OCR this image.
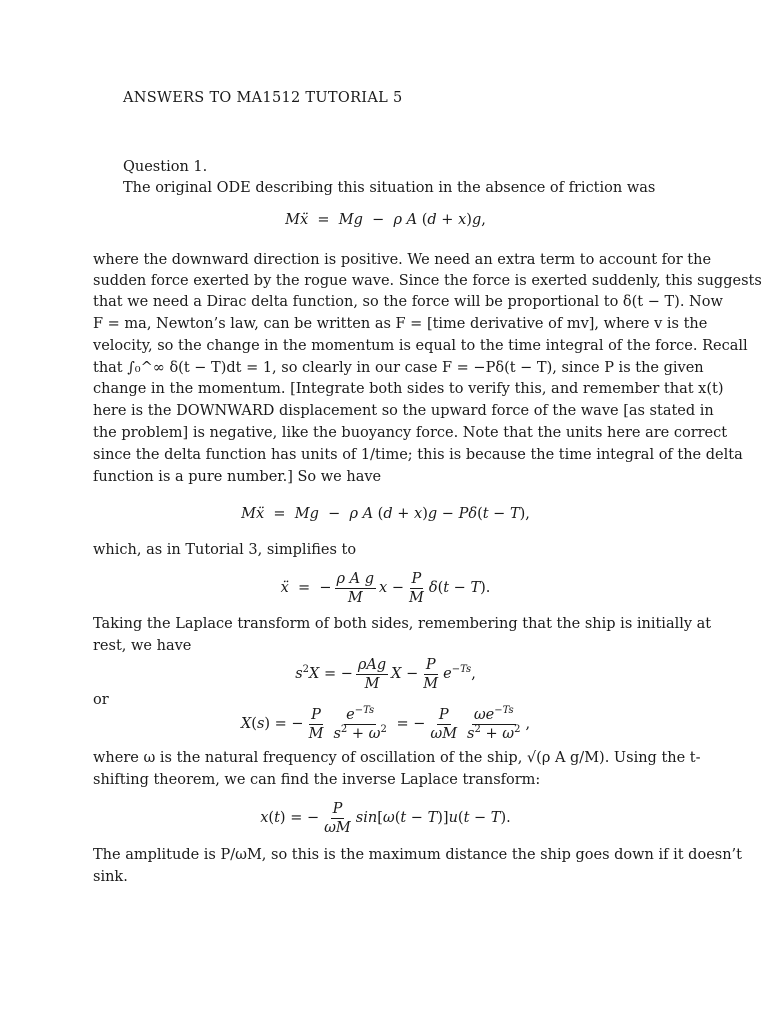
ANSWERS TO MA1512 TUTORIAL 5
Question 1.
The original ODE describing this situation in the absence of friction was
Mẍ  =  Mg  −  ρ A (d + x)g,
where the downward direction is positive. We need an extra term to account for the
sudden force exerted by the rogue wave. Since the force is exerted suddenly, this suggests
that we need a Dirac delta function, so the force will be proportional to δ(t − T). Now
F = ma, Newton’s law, can be written as F = [time derivative of mv], where v is the
velocity, so the change in the momentum is equal to the time integral of the force. Recall
that ∫₀^∞ δ(t − T)dt = 1, so clearly in our case F = −Pδ(t − T), since P is the given
change in the momentum. [Integrate both sides to verify this, and remember that x(t)
here is the DOWNWARD displacement so the upward force of the wave [as stated in
the problem] is negative, like the buoyancy force. Note that the units here are correct
since the delta function has units of 1/time; this is because the time integral of the delta
function is a pure number.] So we have
Mẍ  =  Mg  −  ρ A (d + x)g − Pδ(t − T),
which, as in Tutorial 3, simplifies to
ẍ  =  − $\frac{\text{ρ A g}}{M}$ $x - \frac{P}{M} \delta(t - T)$.
Taking the Laplace transform of both sides, remembering that the ship is initially at
rest, we have
$s^2X$ = − $\frac{\text{ρAg}}{M}$ $X - \frac{P}{M} e^{-Ts}$,
or
X(s) = − $\frac{P}{M} \frac{e^{-Ts}}{s^2 + \omega^2}$ = − $\frac{P}{\omega M} \frac{\omega e^{-Ts}}{s^2 + \omega^2}$ ,
where ω is the natural frequency of oscillation of the ship, √(ρ A g/M). Using the t-
shifting theorem, we can find the inverse Laplace transform:
x(t) = − $\frac{P}{\omega M} \sin[\omega(t - T)]u(t - T)$.
The amplitude is P/ωM, so this is the maximum distance the ship goes down if it doesn’t
sink.
